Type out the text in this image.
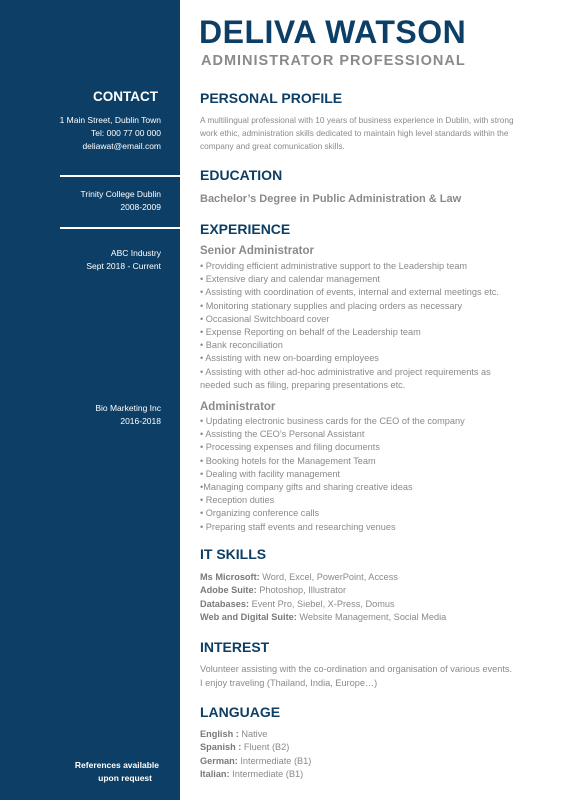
CONTACT
1 Main Street, Dublin Town
Tel: 000 77 00 000
deliawat@email.com
Trinity College Dublin
2008-2009
ABC Industry
Sept 2018 - Current
Bio Marketing Inc
2016-2018
References available
upon request
DELIVA WATSON
ADMINISTRATOR PROFESSIONAL
PERSONAL PROFILE
A multilingual professional with 10 years of business experience in Dublin, with strong work ethic, administration skills dedicated to maintain high level standards within the company and great comunication skills.
EDUCATION
Bachelor’s Degree in Public Administration & Law
EXPERIENCE
Senior Administrator
• Providing efficient administrative support to the Leadership team
• Extensive diary and calendar management
• Assisting with coordination of events, internal and external meetings etc.
• Monitoring stationary supplies and placing orders as necessary
• Occasional Switchboard cover
• Expense Reporting on behalf of the Leadership team
• Bank reconciliation
• Assisting with new on-boarding employees
• Assisting with other ad-hoc administrative and project requirements as needed such as filing, preparing presentations etc.
Administrator
• Updating electronic business cards for the CEO of the company
• Assisting the CEO’s Personal Assistant
• Processing expenses and filing documents
• Booking hotels for the Management Team
• Dealing with facility management
•Managing company gifts and sharing creative ideas
• Reception duties
• Organizing conference calls
• Preparing staff events and researching venues
IT SKILLS
Ms Microsoft: Word, Excel, PowerPoint, Access
Adobe Suite: Photoshop, Illustrator
Databases: Event Pro, Siebel, X-Press, Domus
Web and Digital Suite: Website Management, Social Media
INTEREST
Volunteer assisting with the co-ordination and organisation of various events.
I enjoy traveling (Thailand, India, Europe…)
LANGUAGE
English : Native
Spanish : Fluent (B2)
German: Intermediate (B1)
Italian: Intermediate (B1)
